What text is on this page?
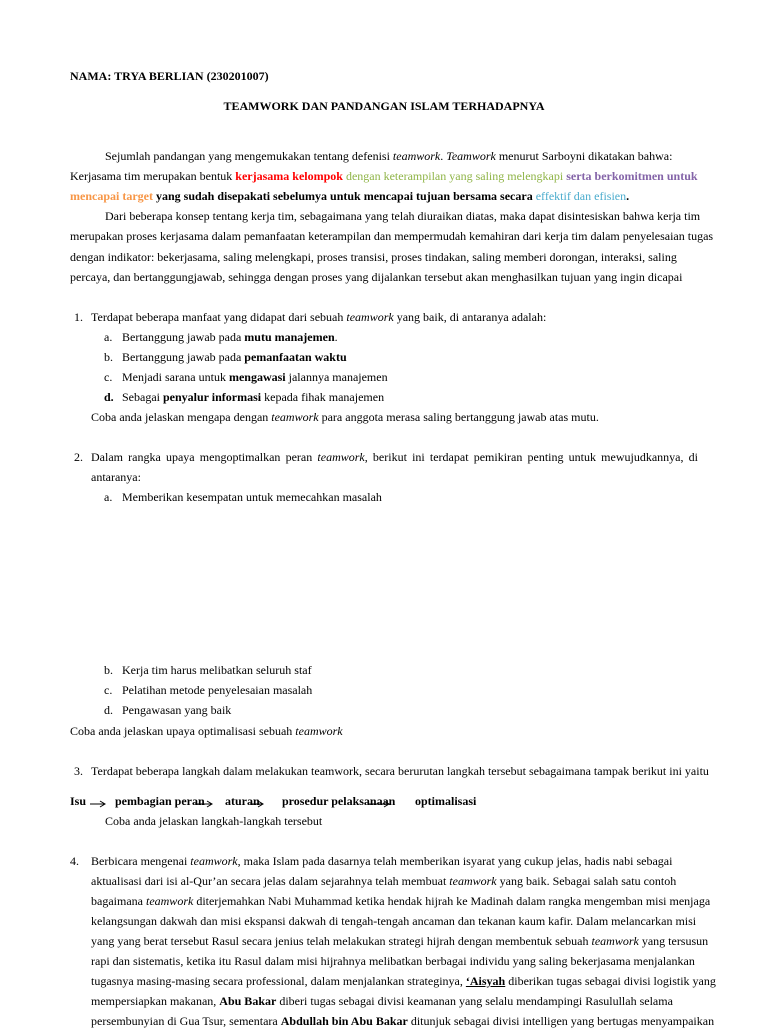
NAMA: TRYA BERLIAN (230201007)
TEAMWORK DAN PANDANGAN ISLAM TERHADAPNYA
Sejumlah pandangan yang mengemukakan tentang defenisi teamwork. Teamwork menurut Sarboyni dikatakan bahwa:
Kerjasama tim merupakan bentuk kerjasama kelompok dengan keterampilan yang saling melengkapi serta berkomitmen untuk
mencapai target yang sudah disepakati sebelumya untuk mencapai tujuan bersama secara effektif dan efisien.
Dari beberapa konsep tentang kerja tim, sebagaimana yang telah diuraikan diatas, maka dapat disintesiskan bahwa kerja tim
merupakan proses kerjasama dalam pemanfaatan keterampilan dan mempermudah kemahiran dari kerja tim dalam penyelesaian tugas
dengan indikator: bekerjasama, saling melengkapi, proses transisi, proses tindakan, saling memberi dorongan, interaksi, saling
percaya, dan bertanggungjawab, sehingga dengan proses yang dijalankan tersebut akan menghasilkan tujuan yang ingin dicapai
1. Terdapat beberapa manfaat yang didapat dari sebuah teamwork yang baik, di antaranya adalah:
a. Bertanggung jawab pada mutu manajemen.
b. Bertanggung jawab pada pemanfaatan waktu
c. Menjadi sarana untuk mengawasi jalannya manajemen
d. Sebagai penyalur informasi kepada fihak manajemen
Coba anda jelaskan mengapa dengan teamwork para anggota merasa saling bertanggung jawab atas mutu.
2. Dalam rangka upaya mengoptimalkan peran teamwork, berikut ini terdapat pemikiran penting untuk mewujudkannya, di
antaranya:
a. Memberikan kesempatan untuk memecahkan masalah
b. Kerja tim harus melibatkan seluruh staf
c. Pelatihan metode penyelesaian masalah
d. Pengawasan yang baik
Coba anda jelaskan upaya optimalisasi sebuah teamwork
3. Terdapat beberapa langkah dalam melakukan teamwork, secara berurutan langkah tersebut sebagaimana tampak berikut ini yaitu
Isu pembagian peran aturan prosedur pelaksanaan optimalisasi
Coba anda jelaskan langkah-langkah tersebut
4. Berbicara mengenai teamwork, maka Islam pada dasarnya telah memberikan isyarat yang cukup jelas, hadis nabi sebagai
aktualisasi dari isi al-Qur’an secara jelas dalam sejarahnya telah membuat teamwork yang baik. Sebagai salah satu contoh
bagaimana teamwork diterjemahkan Nabi Muhammad ketika hendak hijrah ke Madinah dalam rangka mengemban misi menjaga
kelangsungan dakwah dan misi ekspansi dakwah di tengah-tengah ancaman dan tekanan kaum kafir. Dalam melancarkan misi
yang yang berat tersebut Rasul secara jenius telah melakukan strategi hijrah dengan membentuk sebuah teamwork yang tersusun
rapi dan sistematis, ketika itu Rasul dalam misi hijrahnya melibatkan berbagai individu yang saling bekerjasama menjalankan
tugasnya masing-masing secara professional, dalam menjalankan strateginya, ‘Aisyah diberikan tugas sebagai divisi logistik yang
mempersiapkan makanan, Abu Bakar diberi tugas sebagai divisi keamanan yang selalu mendampingi Rasulullah selama
persembunyian di Gua Tsur, sementara Abdullah bin Abu Bakar ditunjuk sebagai divisi intelligen yang bertugas menyampaikan
